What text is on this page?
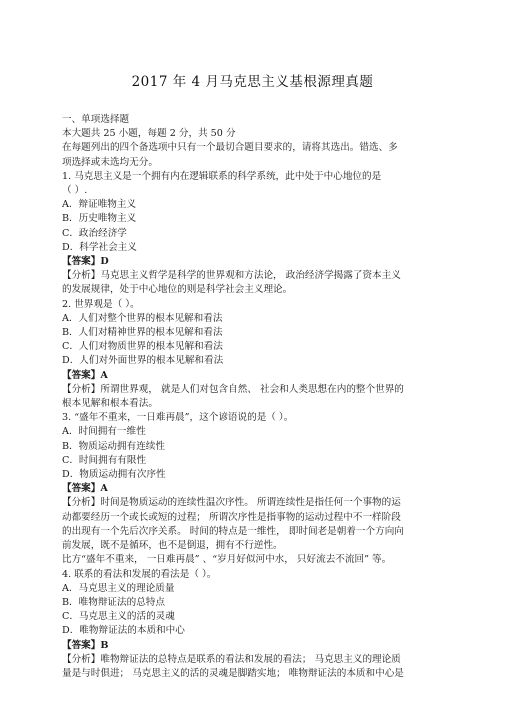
2017 年 4 月马克思主义基根源理真题
一、单项选择题
本大题共 25 小题，每题 2 分，共 50 分
在每题列出的四个备选项中只有一个最切合题目要求的，请将其选出。错选、多
项选择或未选均无分。
1. 马克思主义是一个拥有内在逻辑联系的科学系统，此中处于中心地位的是
（ ）.
A．辩证唯物主义
B．历史唯物主义
C．政治经济学
D．科学社会主义
【答案】D
【分析】马克思主义哲学是科学的世界观和方法论， 政治经济学揭露了资本主义
的发展规律，处于中心地位的则是科学社会主义理论。
2. 世界观是（ ）。
A．人们对整个世界的根本见解和看法
B．人们对精神世界的根本见解和看法
C．人们对物质世界的根本见解和看法
D．人们对外面世界的根本见解和看法
【答案】A
【分析】所谓世界观， 就是人们对包含自然、 社会和人类思想在内的整个世界的
根本见解和根本看法。
3. “盛年不重来，一日难再晨”，这个谚语说的是（ ）。
A．时间拥有一维性
B．物质运动拥有连续性
C．时间拥有有限性
D．物质运动拥有次序性
【答案】A
【分析】时间是物质运动的连续性温次序性。 所谓连续性是指任何一个事物的运
动都要经历一个或长或短的过程； 所谓次序性是指事物的运动过程中不一样阶段
的出现有一个先后次序关系。 时间的特点是一维性， 即时间老是朝着一个方向向
前发展，既不是循环，也不是倒退，拥有不行逆性。
比方“盛年不重来， 一日难再晨” 、“岁月好似河中水， 只好流去不流回” 等。
4. 联系的看法和发展的看法是（ ）。
A．马克思主义的理论质量
B．唯物辩证法的总特点
C．马克思主义的活的灵魂
D．唯物辩证法的本质和中心
【答案】B
【分析】唯物辩证法的总特点是联系的看法和发展的看法； 马克思主义的理论质
量是与时俱进； 马克思主义的活的灵魂是脚踏实地； 唯物辩证法的本质和中心是
